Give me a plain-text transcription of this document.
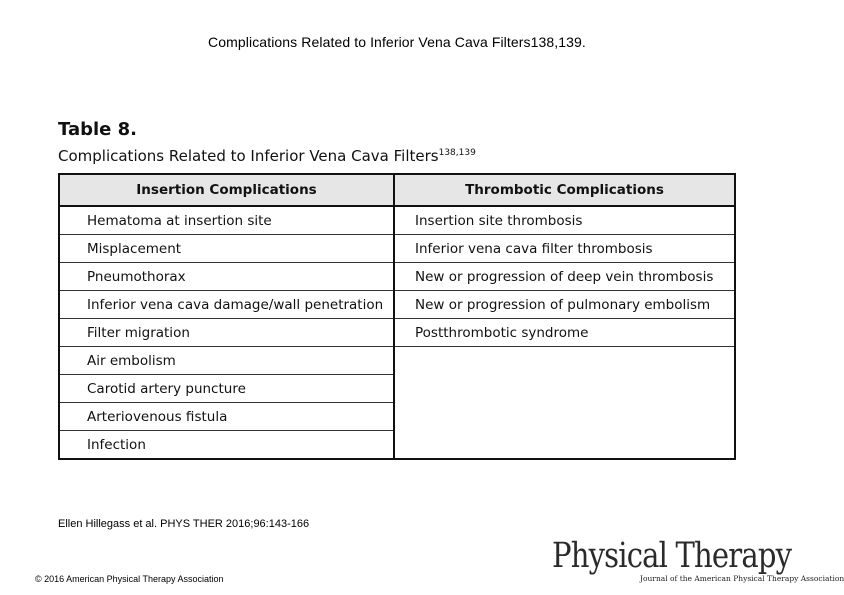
Complications Related to Inferior Vena Cava Filters138,139.
Table 8.
Complications Related to Inferior Vena Cava Filters$^{138,139}$
Insertion Complications	Thrombotic Complications
Hematoma at insertion site	Insertion site thrombosis
Misplacement	Inferior vena cava filter thrombosis
Pneumothorax	New or progression of deep vein thrombosis
Inferior vena cava damage/wall penetration	New or progression of pulmonary embolism
Filter migration	Postthrombotic syndrome
Air embolism	
Carotid artery puncture	
Arteriovenous fistula	
Infection	
Ellen Hillegass et al. PHYS THER 2016;96:143-166
© 2016 American Physical Therapy Association
Physical Therapy
Journal of the American Physical Therapy Association
